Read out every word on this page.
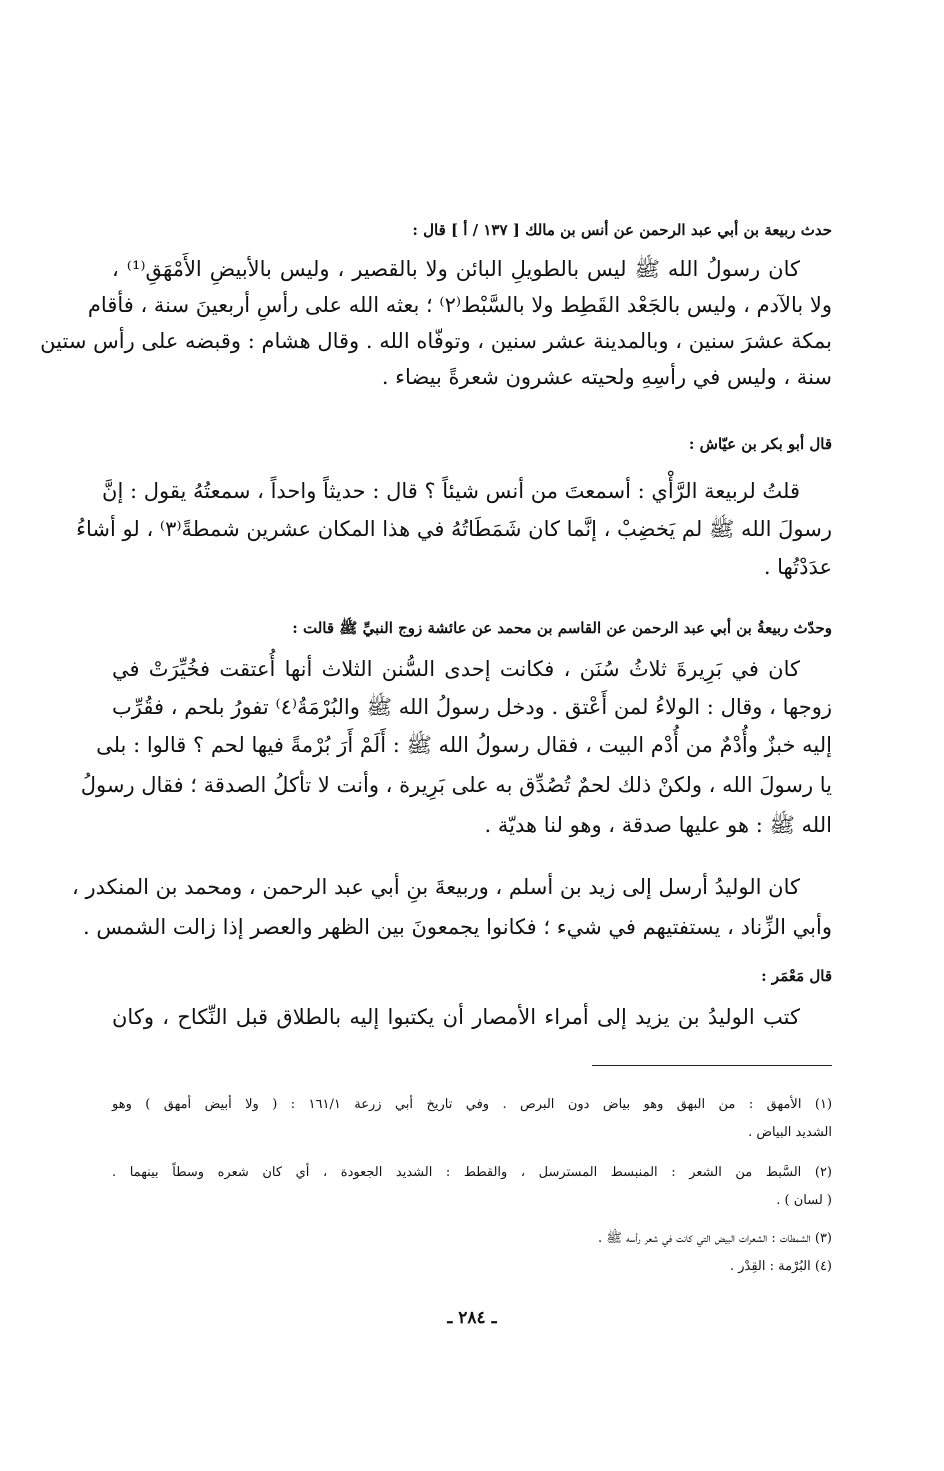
حدث ربيعة بن أبي عبد الرحمن عن أنس بن مالك [ ١٣٧ / أ ] قال :
كان رسولُ الله ﷺ ليس بالطويلِ البائن ولا بالقصير ، وليس بالأبيضِ الأَمْهَقِ⁽¹⁾ ،
ولا بالآدم ، وليس بالجَعْد القَطِط ولا بالسَّبْط⁽٢⁾ ؛ بعثه الله على رأسِ أربعينَ سنة ، فأقام
بمكة عشرَ سنين ، وبالمدينة عشر سنين ، وتوفّاه الله . وقال هشام : وقبضه على رأس ستين
سنة ، وليس في رأسِهِ ولحيته عشرون شعرةً بيضاء .
قال أبو بكر بن عيّاش :
قلتُ لربيعة الرَّأْي : أسمعتَ من أنس شيئاً ؟ قال : حديثاً واحداً ، سمعتُهُ يقول : إنَّ
رسولَ الله ﷺ لم يَخضِبْ ، إنَّما كان شَمَطَاتُهُ في هذا المكان عشرين شمطةً⁽٣⁾ ، لو أشاءُ
عدَدْتُها .
وحدّث ربيعةُ بن أبي عبد الرحمن عن القاسم بن محمد عن عائشة زوج النبيِّ ﷺ قالت :
كان في بَرِيرةَ ثلاثُ سُنَن ، فكانت إحدى السُّنن الثلاث أنها أُعتقت فخُيِّرَتْ في
زوجها ، وقال : الولاءُ لمن أَعْتق . ودخل رسولُ الله ﷺ والبُرْمَةُ⁽٤⁾ تفورُ بلحم ، فقُرِّب
إليه خبزٌ وأُدْمٌ من أُدْم البيت ، فقال رسولُ الله ﷺ : أَلَمْ أَرَ بُرْمةً فيها لحم ؟ قالوا : بلى
يا رسولَ الله ، ولكنْ ذلك لحمٌ تُصُدِّق به على بَرِيرة ، وأنت لا تأكلُ الصدقة ؛ فقال رسولُ
الله ﷺ : هو عليها صدقة ، وهو لنا هديّة .
كان الوليدُ أرسل إلى زيد بن أسلم ، وربيعةَ بنِ أبي عبد الرحمن ، ومحمد بن المنكدر ،
وأبي الزِّناد ، يستفتيهم في شيء ؛ فكانوا يجمعونَ بين الظهر والعصر إذا زالت الشمس .
قال مَعْمَر :
كتب الوليدُ بن يزيد إلى أمراء الأمصار أن يكتبوا إليه بالطلاق قبل النِّكاح ، وكان
(١) الأمهق : من البهق وهو بياض دون البرص . وفي تاريخ أبي زرعة ١٦١/١ : ( ولا أبيض أمهق ) وهو
الشديد البياض .
(٢) السَّبط من الشعر : المنبسط المسترسل ، والقطط : الشديد الجعودة ، أي كان شعره وسطاً بينهما .
( لسان ) .
(٣) الشمطات : الشعرات البيض التي كانت في شعر رأسه ﷺ .
(٤) البُرْمة : القِدْر .
ـ ٢٨٤ ـ
